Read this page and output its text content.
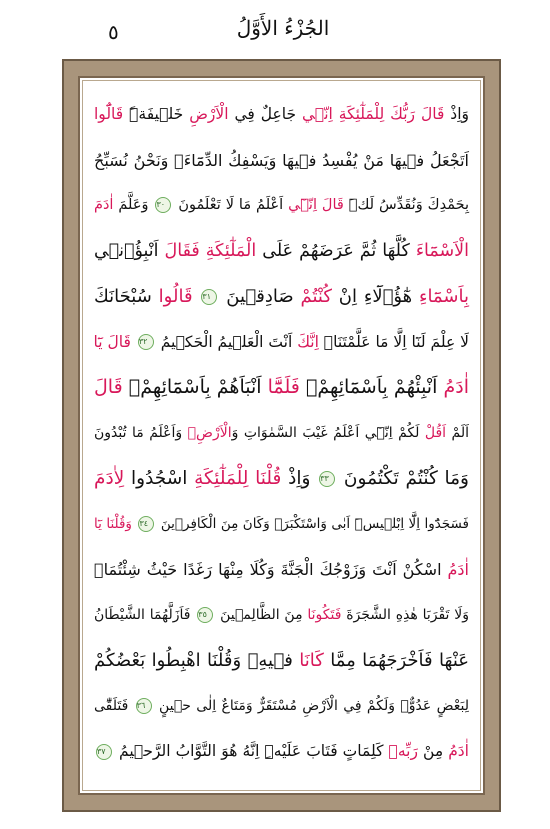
الجُزْءُ الأَوَّلُ
٥
وَاِذْ قَالَ رَبُّكَ لِلْمَلٰٓئِكَةِ اِنّ۪ي جَاعِلٌ فِي الْاَرْضِ خَل۪يفَةًۜ قَالُٓوا
اَتَجْعَلُ ف۪يهَا مَنْ يُفْسِدُ ف۪يهَا وَيَسْفِكُ الدِّمَٓاءَۚ وَنَحْنُ نُسَبِّحُ
بِحَمْدِكَ وَنُقَدِّسُ لَكَۜ قَالَ اِنّ۪ٓي اَعْلَمُ مَا لَا تَعْلَمُونَ ٣٠ وَعَلَّمَ اٰدَمَ
الْاَسْمَٓاءَ كُلَّهَا ثُمَّ عَرَضَهُمْ عَلَى الْمَلٰٓئِكَةِ فَقَالَ اَنْبِؤُ۫ن۪ي
بِاَسْمَٓاءِ هٰٓؤُ۬لَٓاءِ اِنْ كُنْتُمْ صَادِق۪ينَ ٣١ قَالُوا سُبْحَانَكَ
لَا عِلْمَ لَنَٓا اِلَّا مَا عَلَّمْتَنَاۜ اِنَّكَ اَنْتَ الْعَل۪يمُ الْحَك۪يمُ ٣٢ قَالَ يَٓا
اٰدَمُ اَنْبِئْهُمْ بِاَسْمَٓائِهِمْۚ فَلَمَّٓا اَنْبَاَهُمْ بِاَسْمَٓائِهِمْۙ قَالَ
اَلَمْ اَقُلْ لَكُمْ اِنّ۪ٓي اَعْلَمُ غَيْبَ السَّمٰوَاتِ وَالْاَرْضِۙ وَاَعْلَمُ مَا تُبْدُونَ
وَمَا كُنْتُمْ تَكْتُمُونَ ٣٣ وَاِذْ قُلْنَا لِلْمَلٰٓئِكَةِ اسْجُدُوا لِاٰدَمَ
فَسَجَدُٓوا اِلَّٓا اِبْل۪يسَۜ اَبٰى وَاسْتَكْبَرَۗ وَكَانَ مِنَ الْكَافِر۪ينَ ٣٤ وَقُلْنَا يَٓا
اٰدَمُ اسْكُنْ اَنْتَ وَزَوْجُكَ الْجَنَّةَ وَكُلَا مِنْهَا رَغَدًا حَيْثُ شِئْتُمَاۖ
وَلَا تَقْرَبَا هٰذِهِ الشَّجَرَةَ فَتَكُونَا مِنَ الظَّالِم۪ينَ ٣٥ فَاَزَلَّهُمَا الشَّيْطَانُ
عَنْهَا فَاَخْرَجَهُمَا مِمَّا كَانَا ف۪يهِۖ وَقُلْنَا اهْبِطُوا بَعْضُكُمْ
لِبَعْضٍ عَدُوٌّۚ وَلَكُمْ فِي الْاَرْضِ مُسْتَقَرٌّ وَمَتَاعٌ اِلٰى ح۪ينٍ ٣٦ فَتَلَقّٰٓى
اٰدَمُ مِنْ رَبِّه۪ كَلِمَاتٍ فَتَابَ عَلَيْهِۜ اِنَّهُ هُوَ التَّوَّابُ الرَّح۪يمُ ٣٧
